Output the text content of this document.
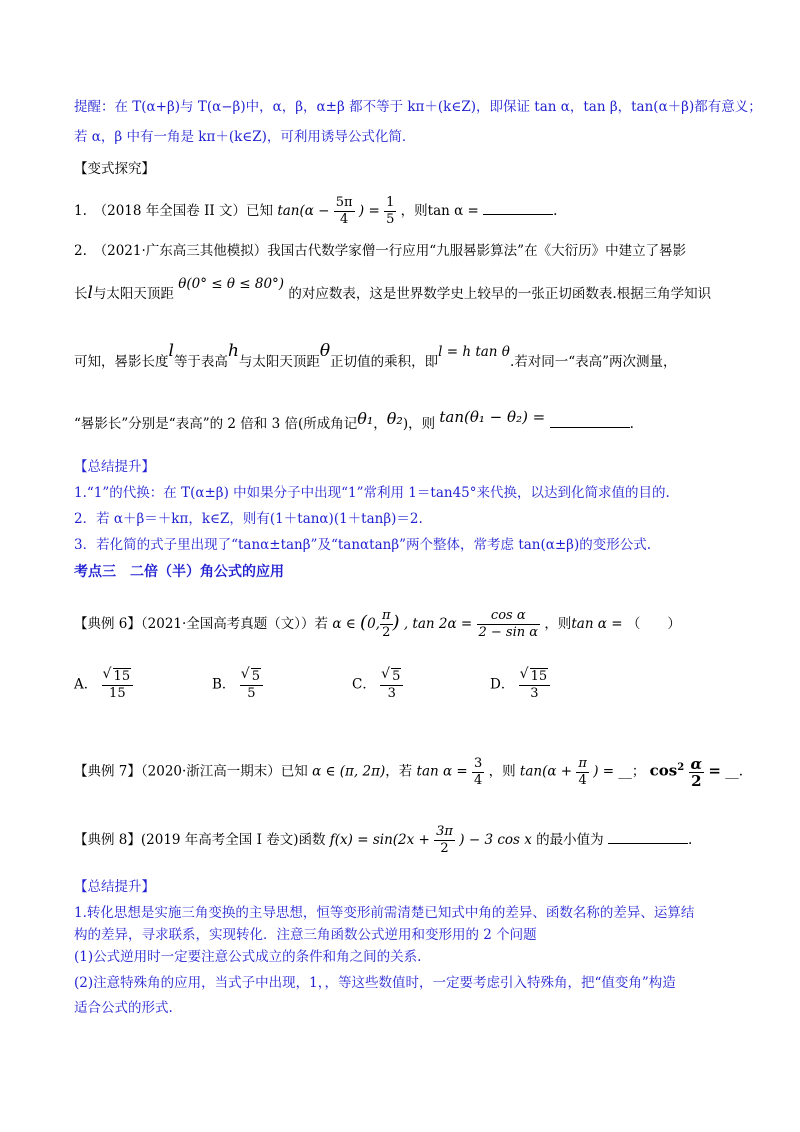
提醒：在 T(α+β)与 T(α−β)中，α，β，α±β 都不等于 kπ＋(k∈Z)，即保证 tan α，tan β，tan(α＋β)都有意义；
若 α，β 中有一角是 kπ＋(k∈Z)，可利用诱导公式化简．
【变式探究】
1.　（2018 年全国卷 II 文）已知 $\tan(\alpha - \frac{5\pi}{4}$ ) = $\frac{1}{5}$ ，则tan α =	.
2.　（2021·广东高三其他模拟）我国古代数学家僧一行应用“九服晷影算法”在《大衍历》中建立了晷影
长l与太阳天顶距 θ(0° ≤ θ ≤ 80°) 的对应数表，这是世界数学史上较早的一张正切函数表.根据三角学知识
可知，晷影长度l等于表高h与太阳天顶距θ正切值的乘积，即l = h tan θ.若对同一“表高”两次测量，
“晷影长”分别是“表高”的 2 倍和 3 倍(所成角记θ₁，θ₂)，则 tan(θ₁ − θ₂) =	.
【总结提升】
1.“1”的代换：在 T(α±β) 中如果分子中出现“1”常利用 1＝tan45°来代换，以达到化简求值的目的.
2．若 α＋β＝＋kπ，k∈Z，则有(1＋tanα)(1＋tanβ)＝2.
3．若化简的式子里出现了“tanα±tanβ”及“tanαtanβ”两个整体，常考虑 tan(α±β)的变形公式.
考点三　二倍（半）角公式的应用
【典例 6】（2021·全国高考真题（文））若 α ∈ (0, $\frac{\pi}{2}$ ) , $\tan 2\alpha = \frac{\text{cos α}}{\text{2 − sin α}}$ ，则tan α = （　　）
A． √ $\frac{15}{15}$	B． √ $\frac{5}{5}$	C． √ $\frac{5}{3}$	D． √ $\frac{15}{3}$
【典例 7】（2020·浙江高一期末）已知 α ∈ (π, 2π)，若 $\tan \alpha = \frac{3}{4}$ ，则 $\tan(\alpha + \frac{\pi}{4}$ ) = __； $\cos^2 \frac{\alpha}{2}$ = __.
【典例 8】(2019 年高考全国 I 卷文)函数 $f(x) = \sin(2x + \frac{3\pi}{2}$ ) − 3 cos x 的最小值为	.
【总结提升】
1.转化思想是实施三角变换的主导思想，恒等变形前需清楚已知式中角的差异、函数名称的差异、运算结
构的差异，寻求联系，实现转化．注意三角函数公式逆用和变形用的 2 个问题
(1)公式逆用时一定要注意公式成立的条件和角之间的关系.
(2)注意特殊角的应用，当式子中出现，1，，等这些数值时，一定要考虑引入特殊角，把“值变角”构造
适合公式的形式.
